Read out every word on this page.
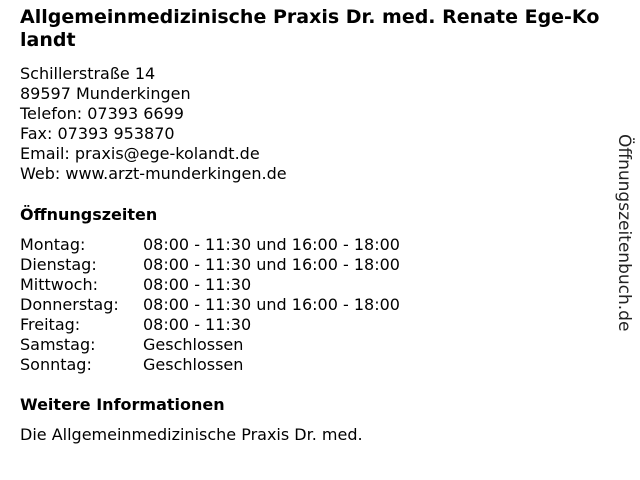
Allgemeinmedizinische Praxis Dr. med. Renate Ege-Kolandt
Schillerstraße 14
89597 Munderkingen
Telefon: 07393 6699
Fax: 07393 953870
Email: praxis@ege-kolandt.de
Web: www.arzt-munderkingen.de
Öffnungszeiten
Montag:	08:00 - 11:30 und 16:00 - 18:00
Dienstag:	08:00 - 11:30 und 16:00 - 18:00
Mittwoch:	08:00 - 11:30
Donnerstag:	08:00 - 11:30 und 16:00 - 18:00
Freitag:	08:00 - 11:30
Samstag:	Geschlossen
Sonntag:	Geschlossen
Weitere Informationen
Die Allgemeinmedizinische Praxis Dr. med.
Öffnungszeitenbuch.de
